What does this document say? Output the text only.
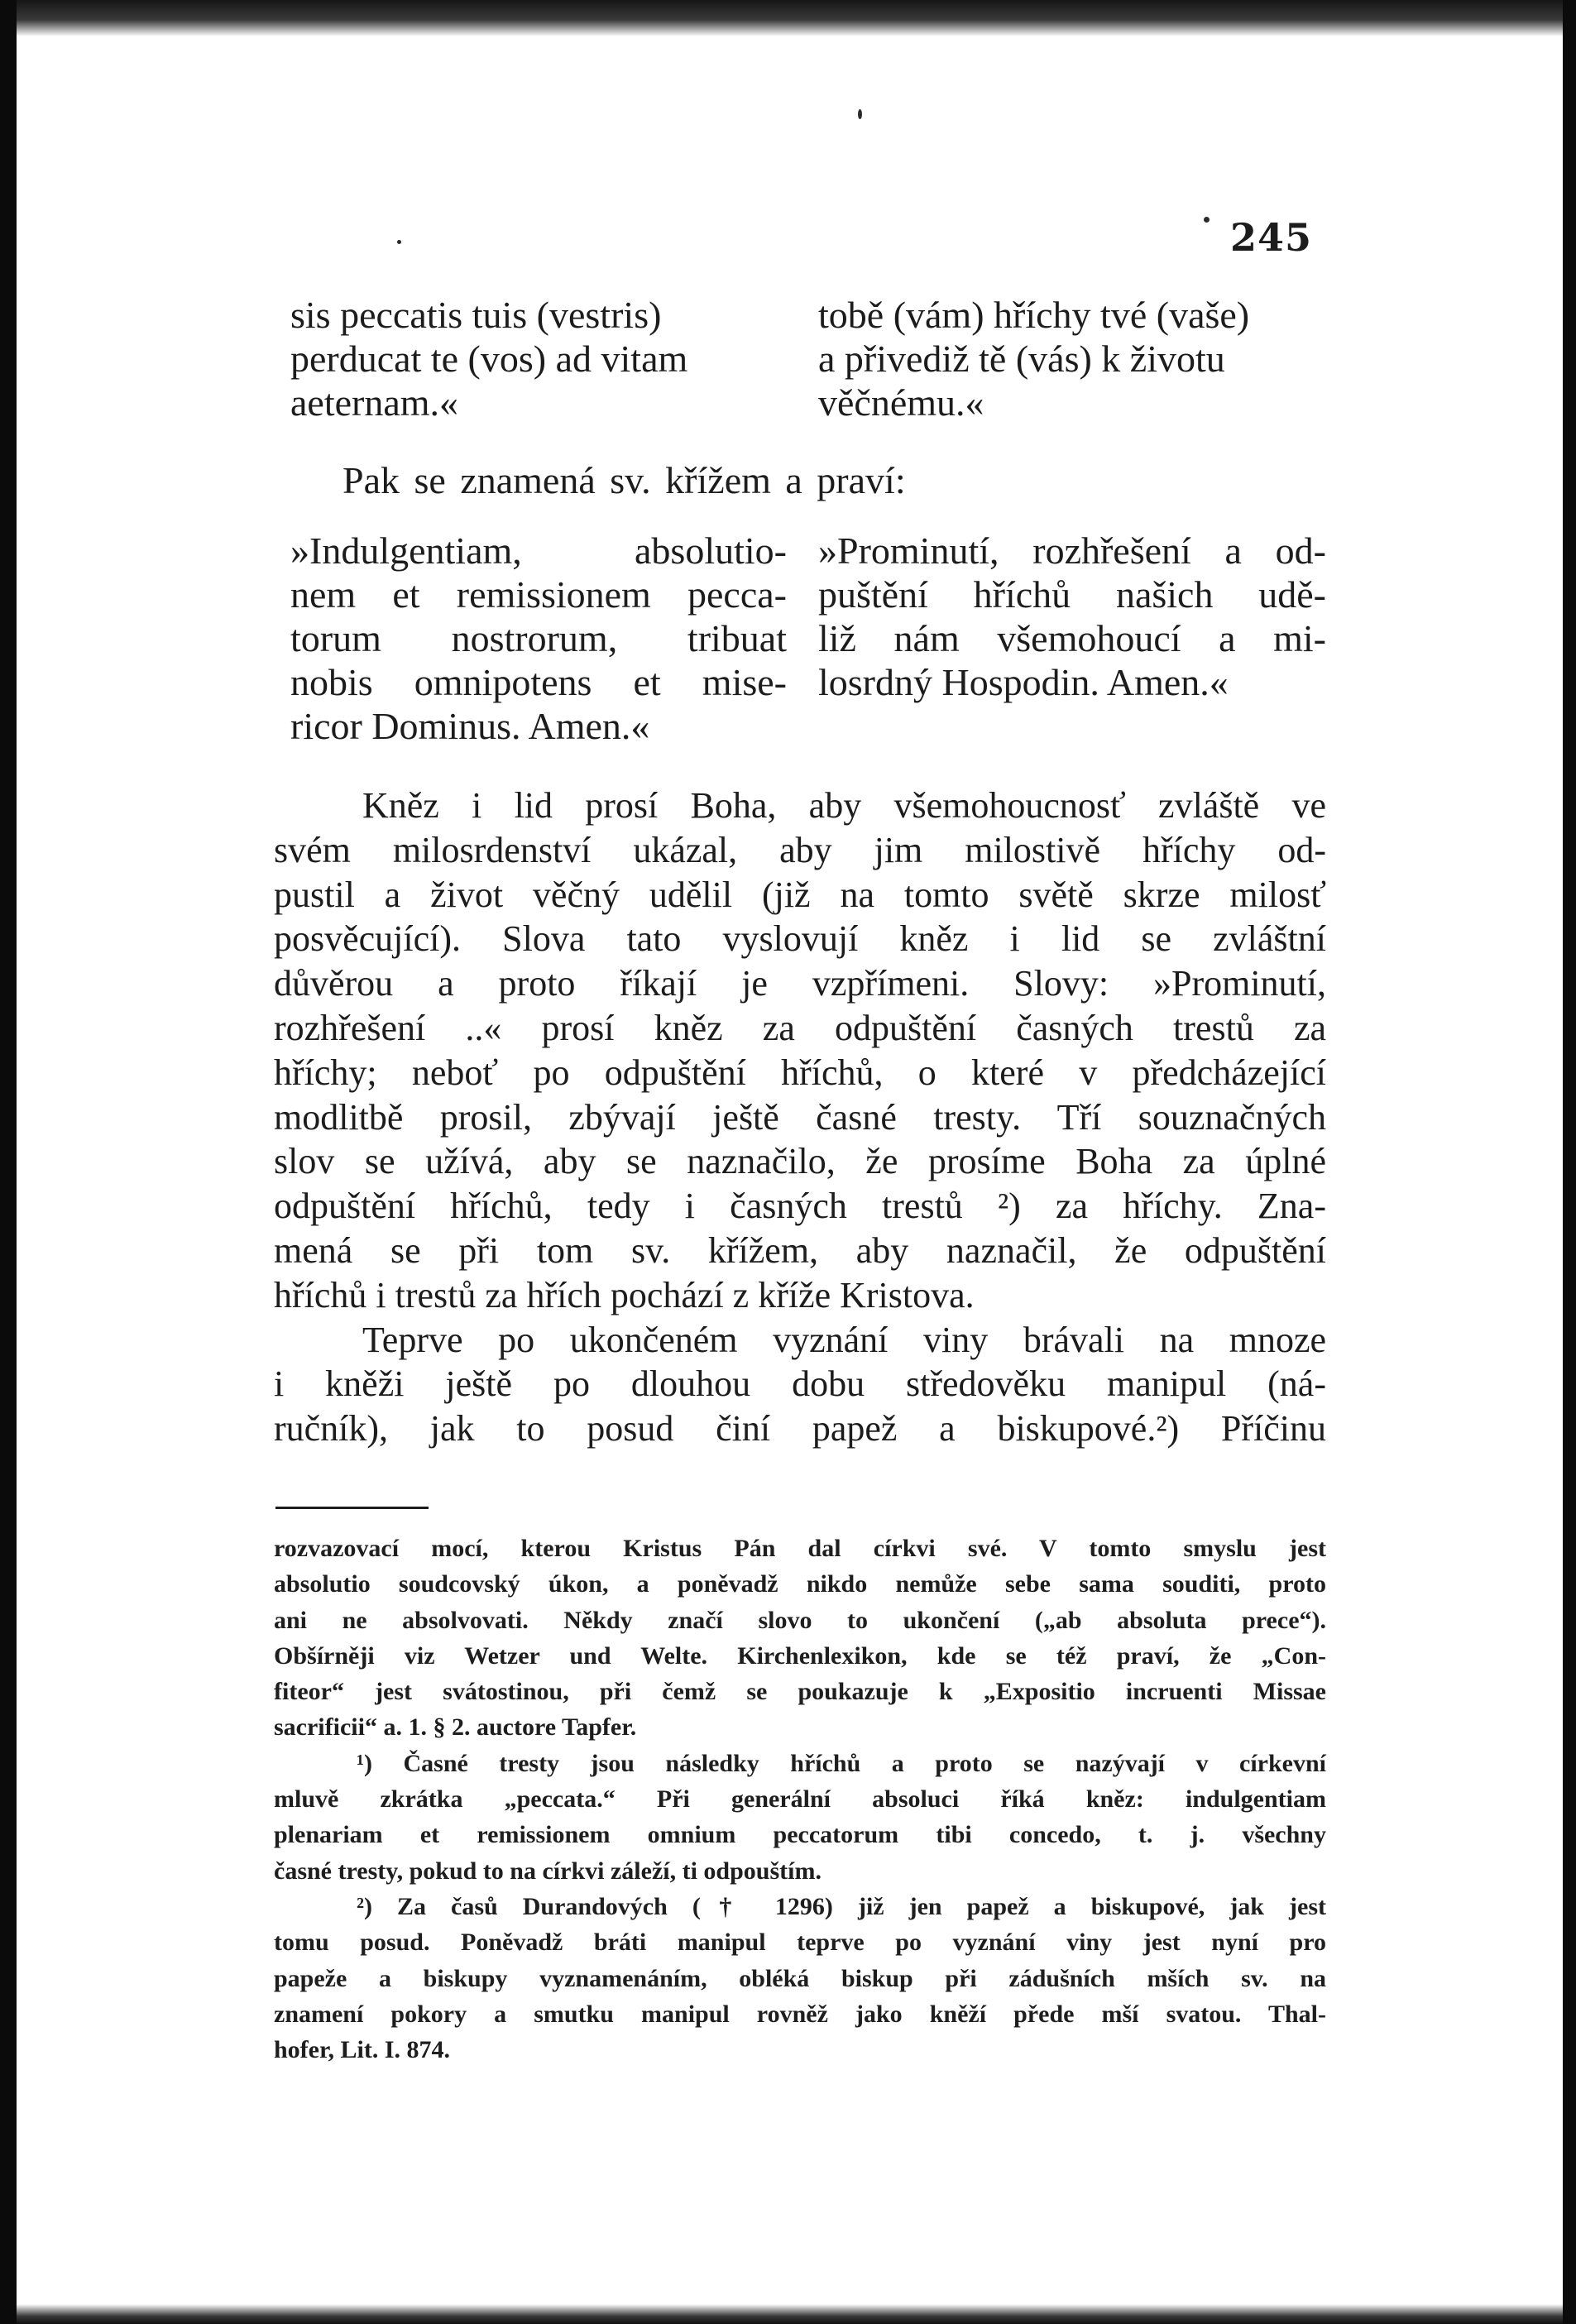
245
sis peccatis tuis (vestris)
perducat te (vos) ad vitam
aeternam.«
tobě (vám) hříchy tvé (vaše)
a přivediž tě (vás) k životu
věčnému.«

Pak se znamená sv. křížem a praví:

»Indulgentiam, absolutio-
nem et remissionem pecca-
torum nostrorum, tribuat
nobis omnipotens et mise-
ricor Dominus. Amen.«
»Prominutí, rozhřešení a od-
puštění hříchů našich udě-
liž nám všemohoucí a mi-
losrdný Hospodin. Amen.«

Kněz i lid prosí Boha, aby všemohoucnosť zvláště ve
svém milosrdenství ukázal, aby jim milostivě hříchy od-
pustil a život věčný udělil (již na tomto světě skrze milosť
posvěcující). Slova tato vyslovují kněz i lid se zvláštní
důvěrou a proto říkají je vzpřímeni. Slovy: »Prominutí,
rozhřešení ..« prosí kněz za odpuštění časných trestů za
hříchy; neboť po odpuštění hříchů, o které v předcházející
modlitbě prosil, zbývají ještě časné tresty. Tří souznačných
slov se užívá, aby se naznačilo, že prosíme Boha za úplné
odpuštění hříchů, tedy i časných trestů ²) za hříchy. Zna-
mená se při tom sv. křížem, aby naznačil, že odpuštění
hříchů i trestů za hřích pochází z kříže Kristova.

Teprve po ukončeném vyznání viny brávali na mnoze
i kněži ještě po dlouhou dobu středověku manipul (ná-
ručník), jak to posud činí papež a biskupové.²) Příčinu

rozvazovací mocí, kterou Kristus Pán dal církvi své. V tomto smyslu jest
absolutio soudcovský úkon, a poněvadž nikdo nemůže sebe sama souditi, proto
ani ne absolvovati. Někdy značí slovo to ukončení („ab absoluta prece“).
Obšírněji viz Wetzer und Welte. Kirchenlexikon, kde se též praví, že „Con-
fiteor“ jest svátostinou, při čemž se poukazuje k „Expositio incruenti Missae
sacrificii“ a. 1. § 2. auctore Tapfer.

¹) Časné tresty jsou následky hříchů a proto se nazývají v církevní
mluvě zkrátka „peccata.“ Při generální absoluci říká kněz: indulgentiam
plenariam et remissionem omnium peccatorum tibi concedo, t. j. všechny
časné tresty, pokud to na církvi záleží, ti odpouštím.

²) Za časů Durandových († 1296) již jen papež a biskupové, jak jest
tomu posud. Poněvadž bráti manipul teprve po vyznání viny jest nyní pro
papeže a biskupy vyznamenáním, obléká biskup při zádušních mších sv. na
znamení pokory a smutku manipul rovněž jako kněží přede mší svatou. Thal-
hofer, Lit. I. 874.
